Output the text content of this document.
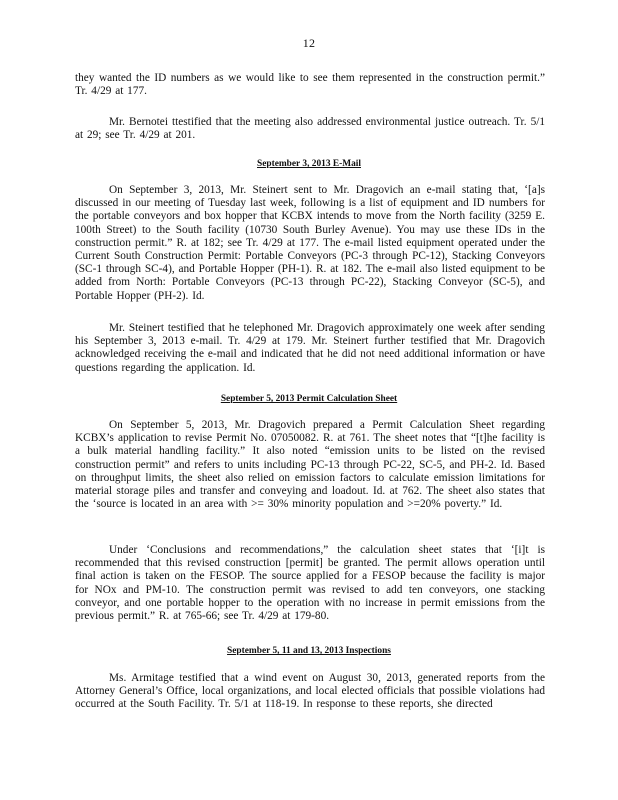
12
they wanted the ID numbers as we would like to see them represented in the construction permit.” Tr. 4/29 at 177.
Mr. Bernotei ttestified that the meeting also addressed environmental justice outreach. Tr. 5/1 at 29; see Tr. 4/29 at 201.
September 3, 2013 E-Mail
On September 3, 2013, Mr. Steinert sent to Mr. Dragovich an e-mail stating that, ‘[a]s discussed in our meeting of Tuesday last week, following is a list of equipment and ID numbers for the portable conveyors and box hopper that KCBX intends to move from the North facility (3259 E. 100th Street) to the South facility (10730 South Burley Avenue). You may use these IDs in the construction permit.” R. at 182; see Tr. 4/29 at 177. The e-mail listed equipment operated under the Current South Construction Permit: Portable Conveyors (PC-3 through PC-12), Stacking Conveyors (SC-1 through SC-4), and Portable Hopper (PH-1). R. at 182. The e-mail also listed equipment to be added from North: Portable Conveyors (PC-13 through PC-22), Stacking Conveyor (SC-5), and Portable Hopper (PH-2). Id.
Mr. Steinert testified that he telephoned Mr. Dragovich approximately one week after sending his September 3, 2013 e-mail. Tr. 4/29 at 179. Mr. Steinert further testified that Mr. Dragovich acknowledged receiving the e-mail and indicated that he did not need additional information or have questions regarding the application. Id.
September 5, 2013 Permit Calculation Sheet
On September 5, 2013, Mr. Dragovich prepared a Permit Calculation Sheet regarding KCBX’s application to revise Permit No. 07050082. R. at 761. The sheet notes that “[t]he facility is a bulk material handling facility.” It also noted “emission units to be listed on the revised construction permit” and refers to units including PC-13 through PC-22, SC-5, and PH-2. Id. Based on throughput limits, the sheet also relied on emission factors to calculate emission limitations for material storage piles and transfer and conveying and loadout. Id. at 762. The sheet also states that the ‘source is located in an area with >= 30% minority population and >=20% poverty.” Id.
Under ‘Conclusions and recommendations,” the calculation sheet states that ‘[i]t is recommended that this revised construction [permit] be granted. The permit allows operation until final action is taken on the FESOP. The source applied for a FESOP because the facility is major for NOx and PM-10. The construction permit was revised to add ten conveyors, one stacking conveyor, and one portable hopper to the operation with no increase in permit emissions from the previous permit.” R. at 765-66; see Tr. 4/29 at 179-80.
September 5, 11 and 13, 2013 Inspections
Ms. Armitage testified that a wind event on August 30, 2013, generated reports from the Attorney General’s Office, local organizations, and local elected officials that possible violations had occurred at the South Facility. Tr. 5/1 at 118-19. In response to these reports, she directed
